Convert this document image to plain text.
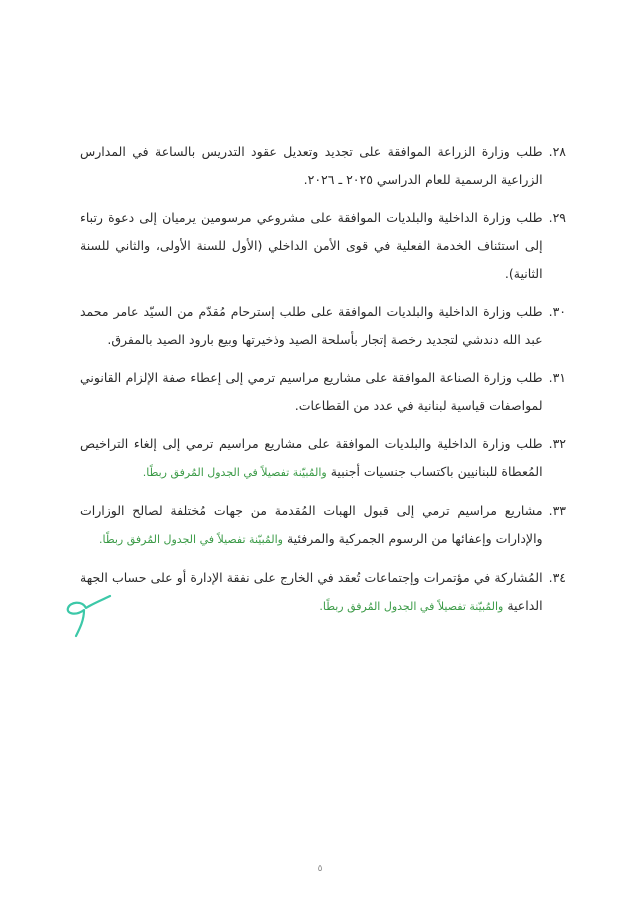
٢٨.
طلب وزارة الزراعة الموافقة على تجديد وتعديل عقود التدريس بالساعة في المدارس الزراعية الرسمية للعام الدراسي ٢٠٢٥ ـ ٢٠٢٦.
٢٩.
طلب وزارة الداخلية والبلديات الموافقة على مشروعي مرسومين يرميان إلى دعوة رتباء إلى استئناف الخدمة الفعلية في قوى الأمن الداخلي (الأول للسنة الأولى، والثاني للسنة الثانية).
٣٠.
طلب وزارة الداخلية والبلديات الموافقة على طلب إسترحام مُقدّم من السيّد عامر محمد عبد الله دندشي لتجديد رخصة إتجار بأسلحة الصيد وذخيرتها وبيع بارود الصيد بالمفرق.
٣١.
طلب وزارة الصناعة الموافقة على مشاريع مراسيم ترمي إلى إعطاء صفة الإلزام القانوني لمواصفات قياسية لبنانية في عدد من القطاعات.
٣٢.
طلب وزارة الداخلية والبلديات الموافقة على مشاريع مراسيم ترمي إلى إلغاء التراخيص المُعطاة للبنانيين باكتساب جنسيات أجنبية والمُبيّنة تفصيلاً في الجدول المُرفق ربطًا.
٣٣.
مشاريع مراسيم ترمي إلى قبول الهبات المُقدمة من جهات مُختلفة لصالح الوزارات والإدارات وإعفائها من الرسوم الجمركية والمرفئية والمُبيّنة تفصيلاً في الجدول المُرفق ربطًا.
٣٤.
المُشاركة في مؤتمرات وإجتماعات تُعقد في الخارج على نفقة الإدارة أو على حساب الجهة الداعية والمُبيّنة تفصيلاً في الجدول المُرفق ربطًا.
٥
